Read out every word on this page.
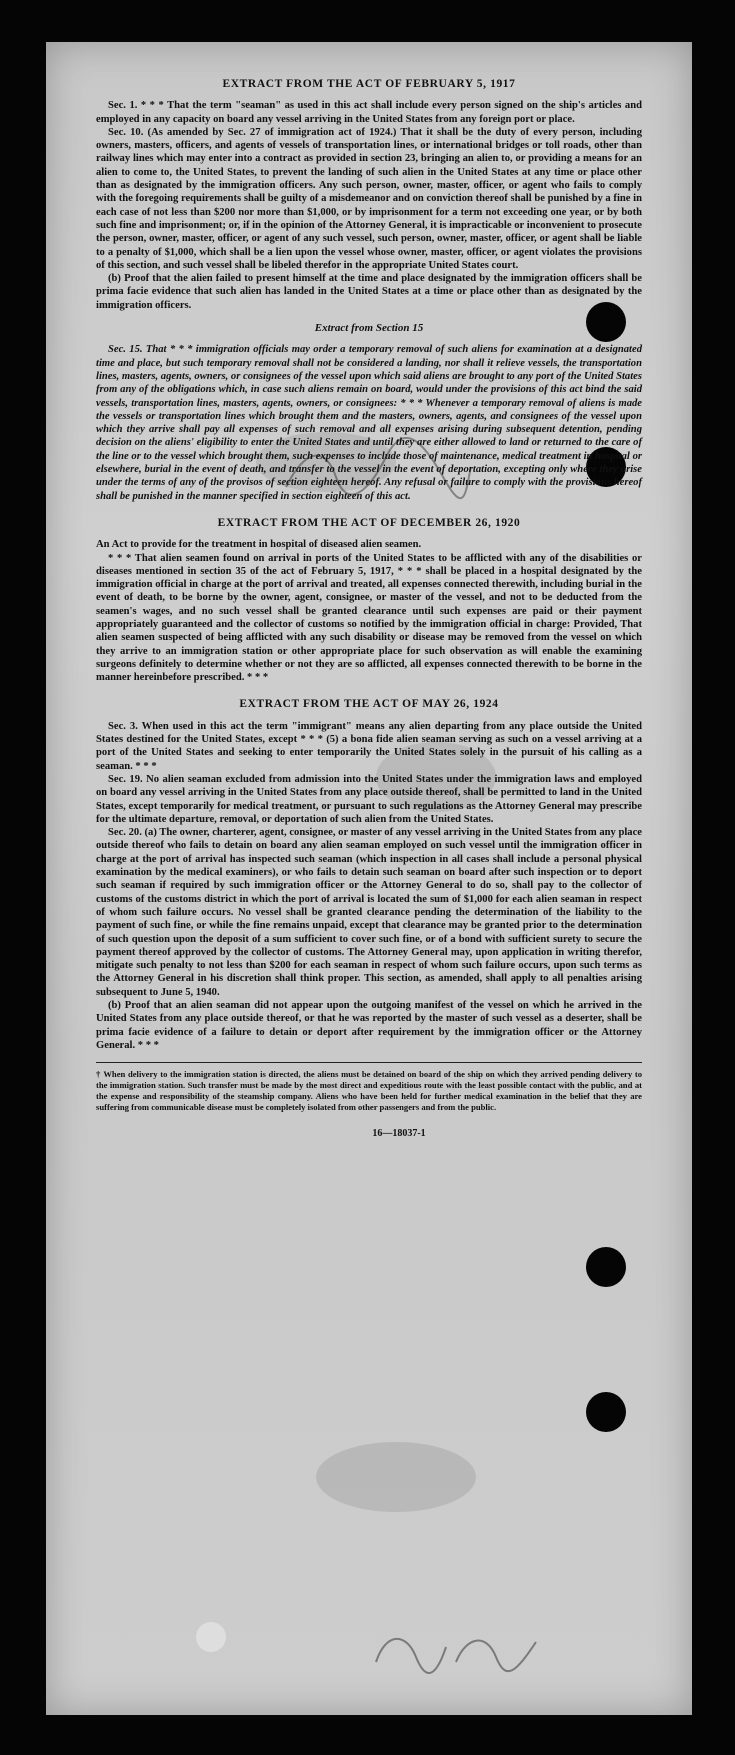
EXTRACT FROM THE ACT OF FEBRUARY 5, 1917

Sec. 1. * * * That the term "seaman" as used in this act shall include every person signed on the ship's articles and employed in any capacity on board any vessel arriving in the United States from any foreign port or place.

Sec. 10. (As amended by Sec. 27 of immigration act of 1924.) That it shall be the duty of every person, including owners, masters, officers, and agents of vessels of transportation lines, or international bridges or toll roads, other than railway lines which may enter into a contract as provided in section 23, bringing an alien to, or providing a means for an alien to come to, the United States, to prevent the landing of such alien in the United States at any time or place other than as designated by the immigration officers. Any such person, owner, master, officer, or agent who fails to comply with the foregoing requirements shall be guilty of a misdemeanor and on conviction thereof shall be punished by a fine in each case of not less than $200 nor more than $1,000, or by imprisonment for a term not exceeding one year, or by both such fine and imprisonment; or, if in the opinion of the Attorney General, it is impracticable or inconvenient to prosecute the person, owner, master, officer, or agent of any such vessel, such person, owner, master, officer, or agent shall be liable to a penalty of $1,000, which shall be a lien upon the vessel whose owner, master, officer, or agent violates the provisions of this section, and such vessel shall be libeled therefor in the appropriate United States court.

(b) Proof that the alien failed to present himself at the time and place designated by the immigration officers shall be prima facie evidence that such alien has landed in the United States at a time or place other than as designated by the immigration officers.

Extract from Section 15

Sec. 15. That * * * immigration officials may order a temporary removal of such aliens for examination at a designated time and place, but such temporary removal shall not be considered a landing, nor shall it relieve vessels, the transportation lines, masters, agents, owners, or consignees of the vessel upon which said aliens are brought to any port of the United States from any of the obligations which, in case such aliens remain on board, would under the provisions of this act bind the said vessels, transportation lines, masters, agents, owners, or consignees: * * * Whenever a temporary removal of aliens is made the vessels or transportation lines which brought them and the masters, owners, agents, and consignees of the vessel upon which they arrive shall pay all expenses of such removal and all expenses arising during subsequent detention, pending decision on the aliens' eligibility to enter the United States and until they are either allowed to land or returned to the care of the line or to the vessel which brought them, such expenses to include those of maintenance, medical treatment in hospital or elsewhere, burial in the event of death, and transfer to the vessel in the event of deportation, excepting only where they arise under the terms of any of the provisos of section eighteen hereof. Any refusal or failure to comply with the provisions hereof shall be punished in the manner specified in section eighteen of this act.

EXTRACT FROM THE ACT OF DECEMBER 26, 1920

An Act to provide for the treatment in hospital of diseased alien seamen.

* * * That alien seamen found on arrival in ports of the United States to be afflicted with any of the disabilities or diseases mentioned in section 35 of the act of February 5, 1917, * * * shall be placed in a hospital designated by the immigration official in charge at the port of arrival and treated, all expenses connected therewith, including burial in the event of death, to be borne by the owner, agent, consignee, or master of the vessel, and not to be deducted from the seamen's wages, and no such vessel shall be granted clearance until such expenses are paid or their payment appropriately guaranteed and the collector of customs so notified by the immigration official in charge: Provided, That alien seamen suspected of being afflicted with any such disability or disease may be removed from the vessel on which they arrive to an immigration station or other appropriate place for such observation as will enable the examining surgeons definitely to determine whether or not they are so afflicted, all expenses connected therewith to be borne in the manner hereinbefore prescribed. * * *

EXTRACT FROM THE ACT OF MAY 26, 1924

Sec. 3. When used in this act the term "immigrant" means any alien departing from any place outside the United States destined for the United States, except * * * (5) a bona fide alien seaman serving as such on a vessel arriving at a port of the United States and seeking to enter temporarily the United States solely in the pursuit of his calling as a seaman. * * *

Sec. 19. No alien seaman excluded from admission into the United States under the immigration laws and employed on board any vessel arriving in the United States from any place outside thereof, shall be permitted to land in the United States, except temporarily for medical treatment, or pursuant to such regulations as the Attorney General may prescribe for the ultimate departure, removal, or deportation of such alien from the United States.

Sec. 20. (a) The owner, charterer, agent, consignee, or master of any vessel arriving in the United States from any place outside thereof who fails to detain on board any alien seaman employed on such vessel until the immigration officer in charge at the port of arrival has inspected such seaman (which inspection in all cases shall include a personal physical examination by the medical examiners), or who fails to detain such seaman on board after such inspection or to deport such seaman if required by such immigration officer or the Attorney General to do so, shall pay to the collector of customs of the customs district in which the port of arrival is located the sum of $1,000 for each alien seaman in respect of whom such failure occurs. No vessel shall be granted clearance pending the determination of the liability to the payment of such fine, or while the fine remains unpaid, except that clearance may be granted prior to the determination of such question upon the deposit of a sum sufficient to cover such fine, or of a bond with sufficient surety to secure the payment thereof approved by the collector of customs. The Attorney General may, upon application in writing therefor, mitigate such penalty to not less than $200 for each seaman in respect of whom such failure occurs, upon such terms as the Attorney General in his discretion shall think proper. This section, as amended, shall apply to all penalties arising subsequent to June 5, 1940.

(b) Proof that an alien seaman did not appear upon the outgoing manifest of the vessel on which he arrived in the United States from any place outside thereof, or that he was reported by the master of such vessel as a deserter, shall be prima facie evidence of a failure to detain or deport after requirement by the immigration officer or the Attorney General. * * *

† When delivery to the immigration station is directed, the aliens must be detained on board of the ship on which they arrived pending delivery to the immigration station. Such transfer must be made by the most direct and expeditious route with the least possible contact with the public, and at the expense and responsibility of the steamship company. Aliens who have been held for further medical examination in the belief that they are suffering from communicable disease must be completely isolated from other passengers and from the public.
16—18037-1
